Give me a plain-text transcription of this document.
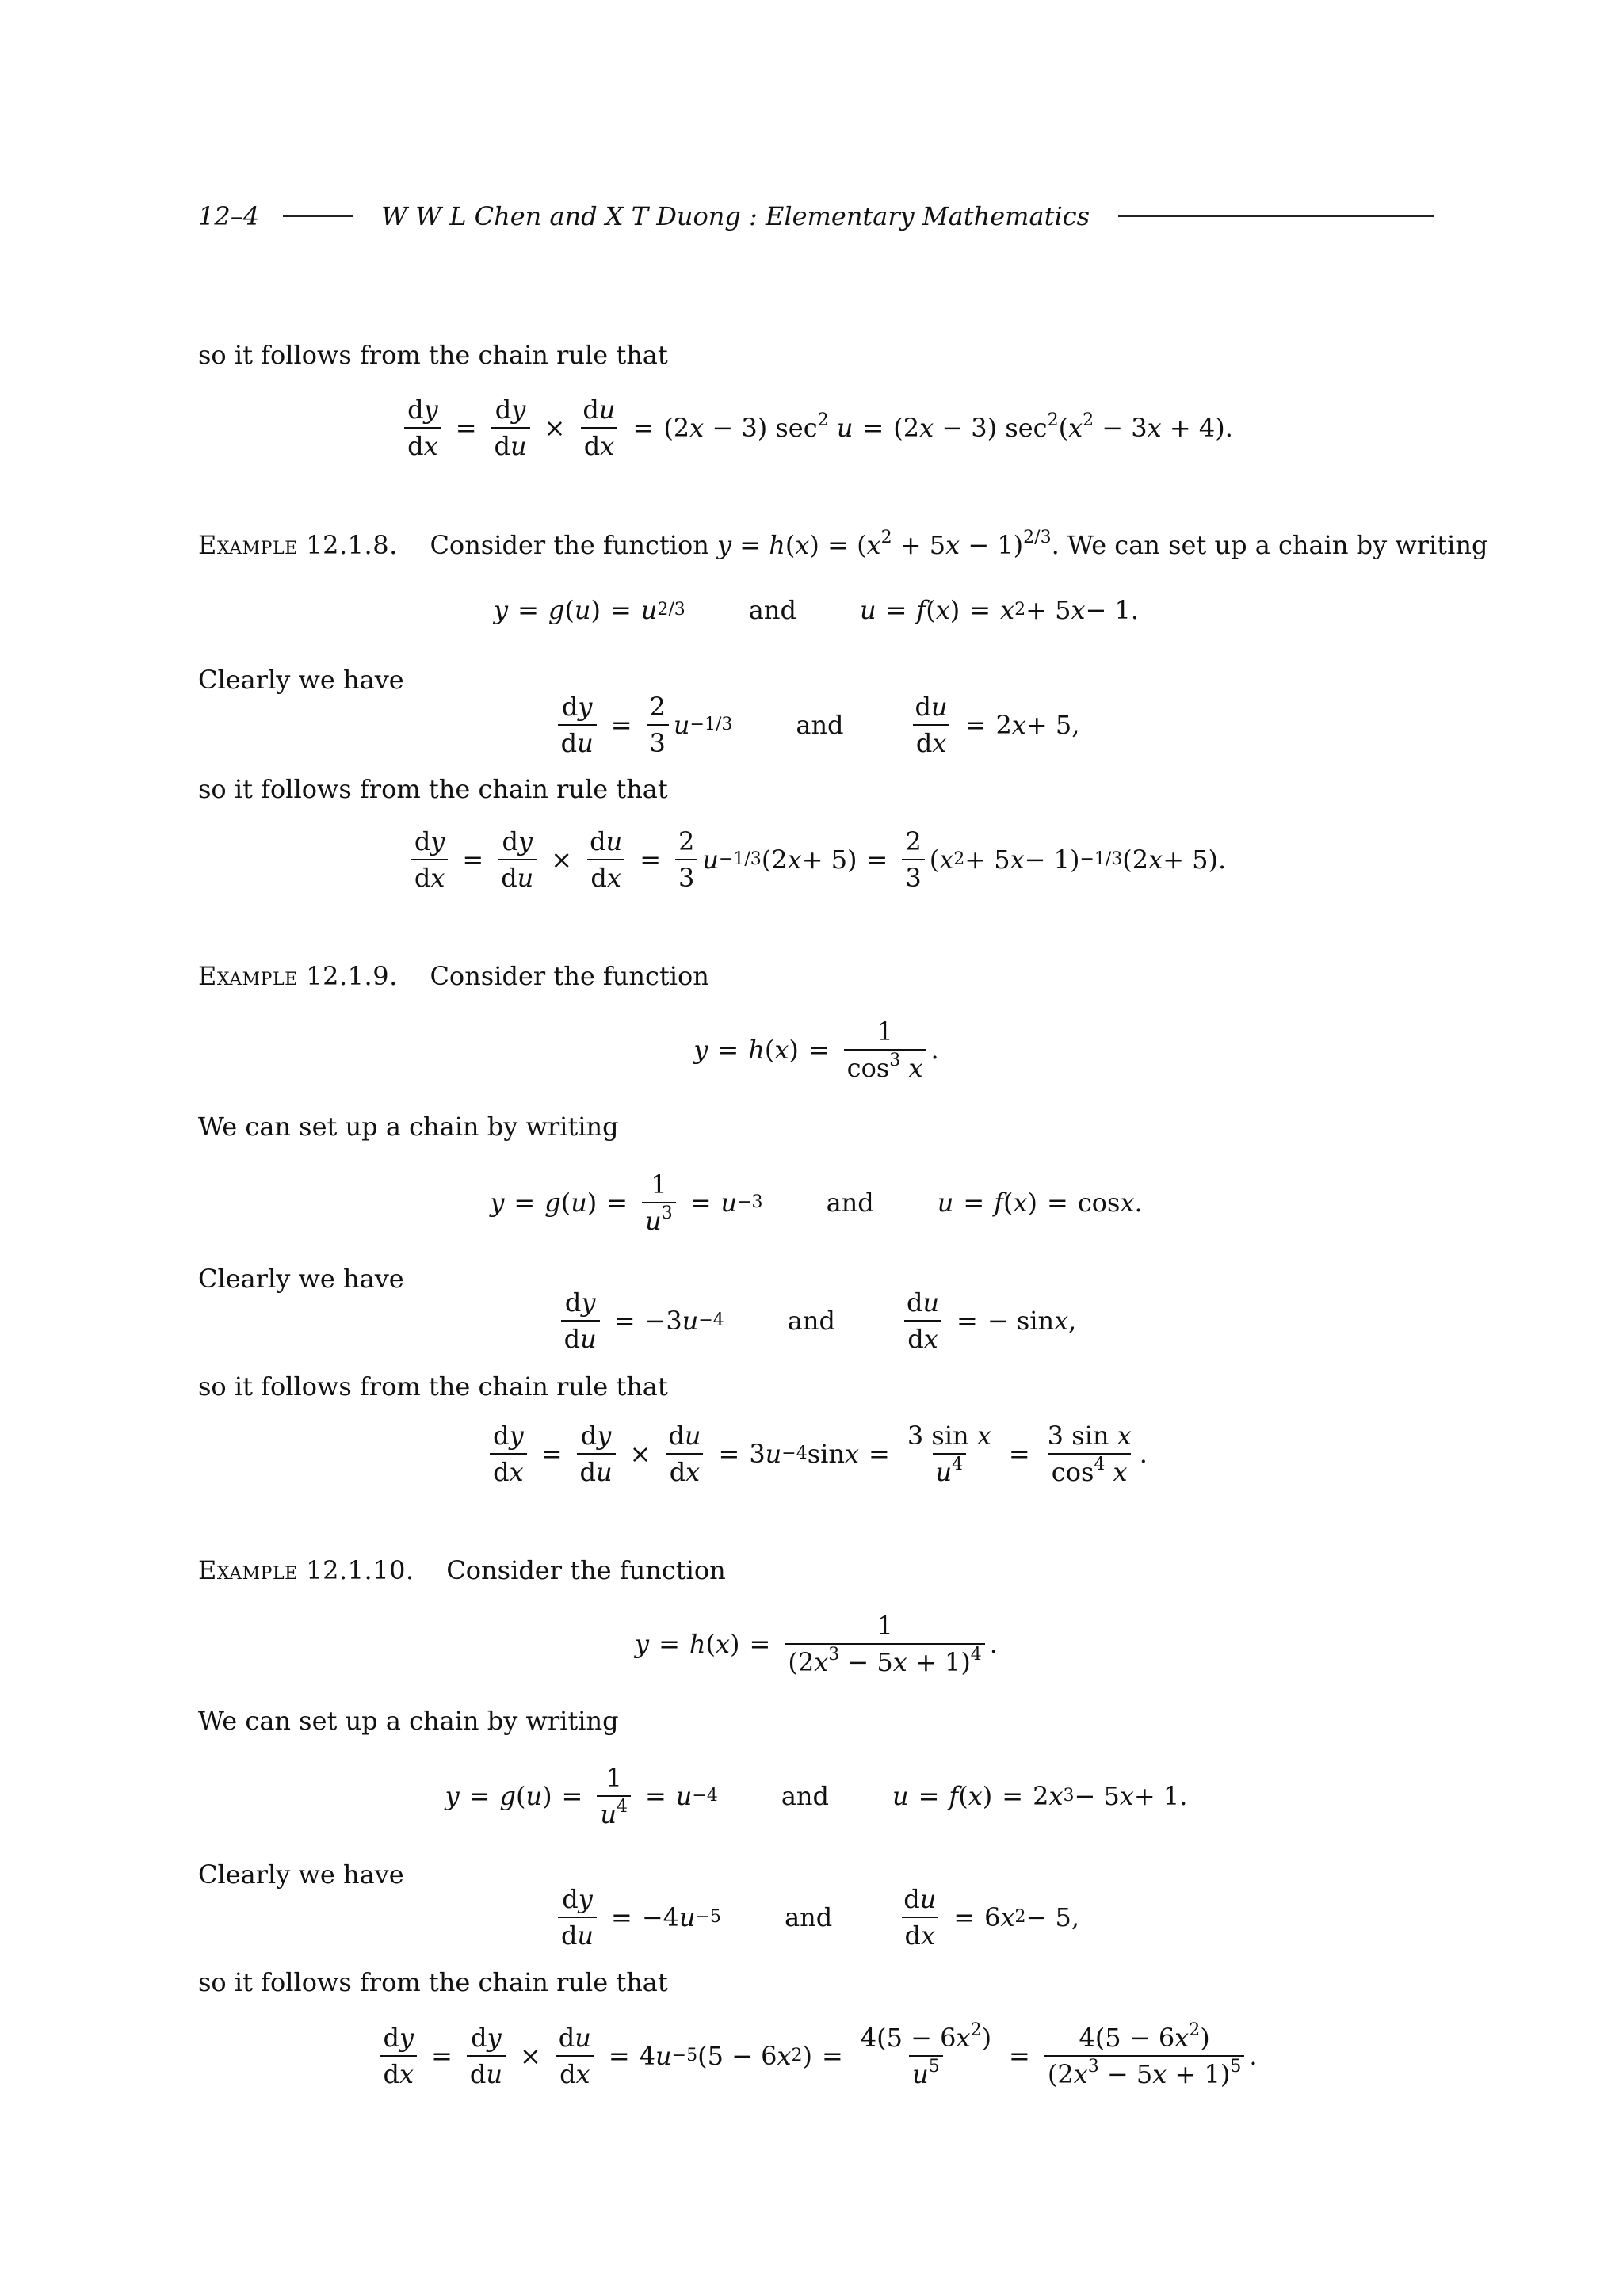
12–4	W W L Chen and X T Duong : Elementary Mathematics
so it follows from the chain rule that
$\frac{dy}{dx} = \frac{dy}{du} \times \frac{du}{dx} = (2x - 3)$ $\sec^2 u = (2x - 3) \sec^2(x^2 - 3x + 4)$.
Example 12.1.8. Consider the function $y = h(x) = (x^2 + 5x - 1)^{2/3}$. We can set up a chain by writing
y = g ( u ) = u 2/3	and	u = f ( x ) = x 2 + 5 x − 1.
Clearly we have
$\frac{dy}{du} = \frac{2}{3}$ u −1/3	and	$\frac{du}{dx} = 2$ x + 5,
so it follows from the chain rule that
$\frac{dy}{dx} = \frac{dy}{du} \times \frac{du}{dx} = \frac{2}{3}$ u −1/3 (2 $x + 5) = \frac{2}{3}$ ( x 2 + 5 x − 1) −1/3 (2 x + 5).
Example 12.1.9. Consider the function
y = h ( x ) = $\frac{1}{\cos^3 x}$ .
We can set up a chain by writing
y = g ( u ) = $\frac{1}{u^3} = u -3$	and	u = f ( x ) = cos x .
Clearly we have
$\frac{dy}{du} = -3$ u −4	and	$\frac{du}{dx}$ = − sin x ,
so it follows from the chain rule that
$\frac{dy}{dx} = \frac{dy}{du} \times \frac{du}{dx} = 3$ u −4 $\sin x = \frac{\text{3 sin x}}{u^4} = \frac{\text{3 sin x}}{\cos^4 x}$ .
Example 12.1.10. Consider the function
y = h ( x ) = $\frac{1}{(2x^3 - 5x + 1)^4}$ .
We can set up a chain by writing
y = g ( u ) = $\frac{1}{u^4} = u -4$	and	u = f ( x ) = 2 x 3 − 5 x + 1.
Clearly we have
$\frac{dy}{du} = -4$ u −5	and	$\frac{du}{dx} = 6$ x 2 − 5,
so it follows from the chain rule that
$\frac{dy}{dx} = \frac{dy}{du} \times \frac{du}{dx} = 4$ u −5 (5 − 6 x 2 ) = $\frac{4(5 - 6x^2)}{u^5} = \frac{4(5 - 6x^2)}{(2x^3 - 5x + 1)^5}$ .
